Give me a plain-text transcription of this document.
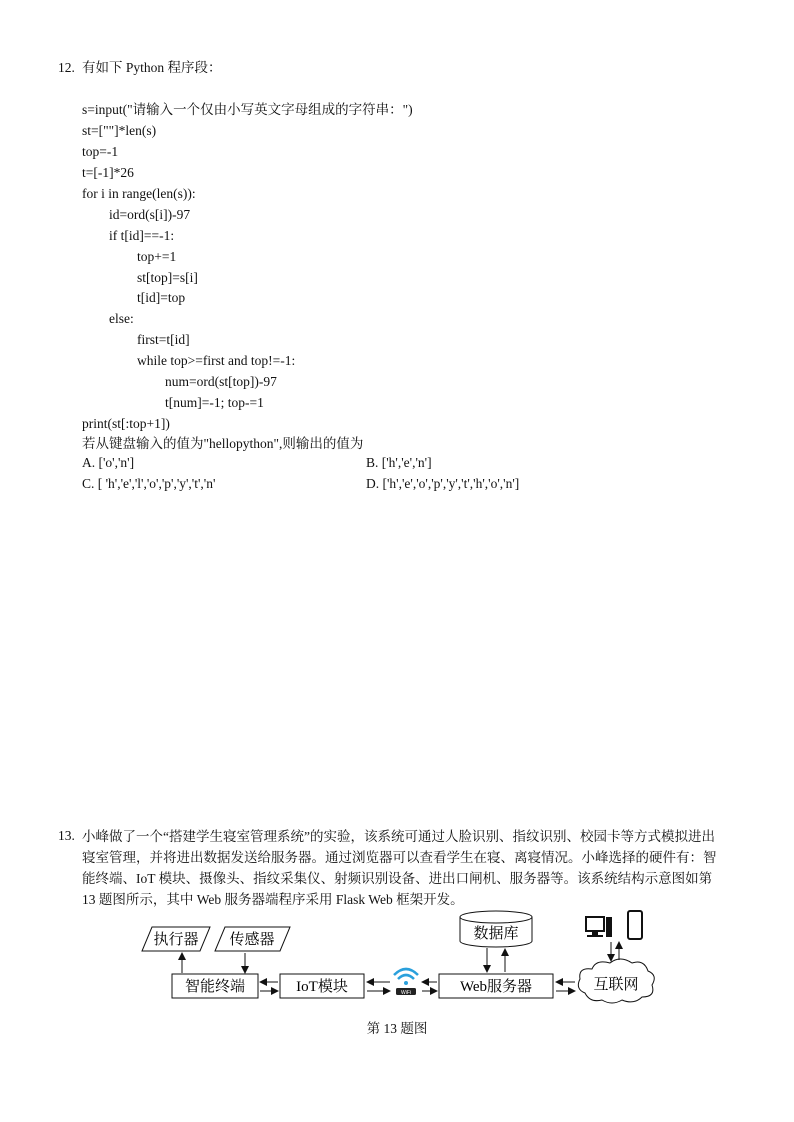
12. 有如下 Python 程序段：
s=input("请输入一个仅由小写英文字母组成的字符串：")
st=[""]*len(s)
top=-1
t=[-1]*26
for i in range(len(s)):
id=ord(s[i])-97
if t[id]==-1:
top+=1
st[top]=s[i]
t[id]=top
else:
first=t[id]
while top>=first and top!=-1:
num=ord(st[top])-97
t[num]=-1; top-=1
print(st[:top+1])
若从键盘输入的值为"hellopython",则输出的值为
A. ['o','n']	B. ['h','e','n']
C. [ 'h','e','l','o','p','y','t','n'	D. ['h','e','o','p','y','t','h','o','n']
13. 小峰做了一个“搭建学生寝室管理系统”的实验，该系统可通过人脸识别、指纹识别、校园卡等方式模拟进出
寝室管理，并将进出数据发送给服务器。通过浏览器可以查看学生在寝、离寝情况。小峰选择的硬件有：智
能终端、IoT 模块、摄像头、指纹采集仪、射频识别设备、进出口闸机、服务器等。该系统结构示意图如第
13 题图所示，其中 Web 服务器端程序采用 Flask Web 框架开发。
执行器 传感器
智能终端	IoT模块	WiFi
数据库
Web服务器	互联网
第 13 题图
